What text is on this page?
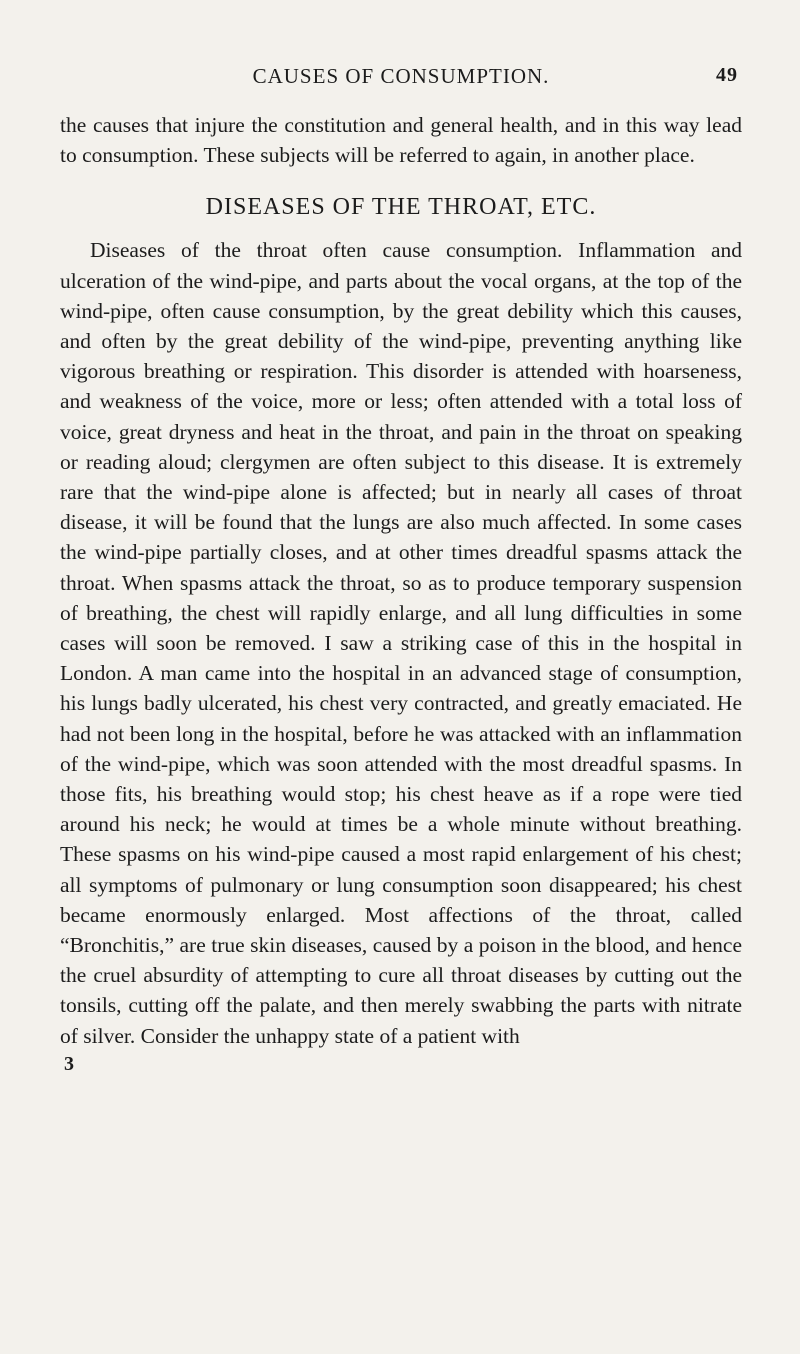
CAUSES OF CONSUMPTION.	49

the causes that injure the constitution and general health, and in this way lead to consumption. These subjects will be referred to again, in another place.

DISEASES OF THE THROAT, ETC.

Diseases of the throat often cause consumption. Inflammation and ulceration of the wind-pipe, and parts about the vocal organs, at the top of the wind-pipe, often cause consumption, by the great debility which this causes, and often by the great debility of the wind-pipe, preventing anything like vigorous breathing or respiration. This disorder is attended with hoarseness, and weakness of the voice, more or less; often attended with a total loss of voice, great dryness and heat in the throat, and pain in the throat on speaking or reading aloud; clergymen are often subject to this disease. It is extremely rare that the wind-pipe alone is affected; but in nearly all cases of throat disease, it will be found that the lungs are also much affected. In some cases the wind-pipe partially closes, and at other times dreadful spasms attack the throat. When spasms attack the throat, so as to produce temporary suspension of breathing, the chest will rapidly enlarge, and all lung difficulties in some cases will soon be removed. I saw a striking case of this in the hospital in London. A man came into the hospital in an advanced stage of consumption, his lungs badly ulcerated, his chest very contracted, and greatly emaciated. He had not been long in the hospital, before he was attacked with an inflammation of the wind-pipe, which was soon attended with the most dreadful spasms. In those fits, his breathing would stop; his chest heave as if a rope were tied around his neck; he would at times be a whole minute without breathing. These spasms on his wind-pipe caused a most rapid enlargement of his chest; all symptoms of pulmonary or lung consumption soon disappeared; his chest became enormously enlarged. Most affections of the throat, called “Bronchitis,” are true skin diseases, caused by a poison in the blood, and hence the cruel absurdity of attempting to cure all throat diseases by cutting out the tonsils, cutting off the palate, and then merely swabbing the parts with nitrate of silver. Consider the unhappy state of a patient with

3
